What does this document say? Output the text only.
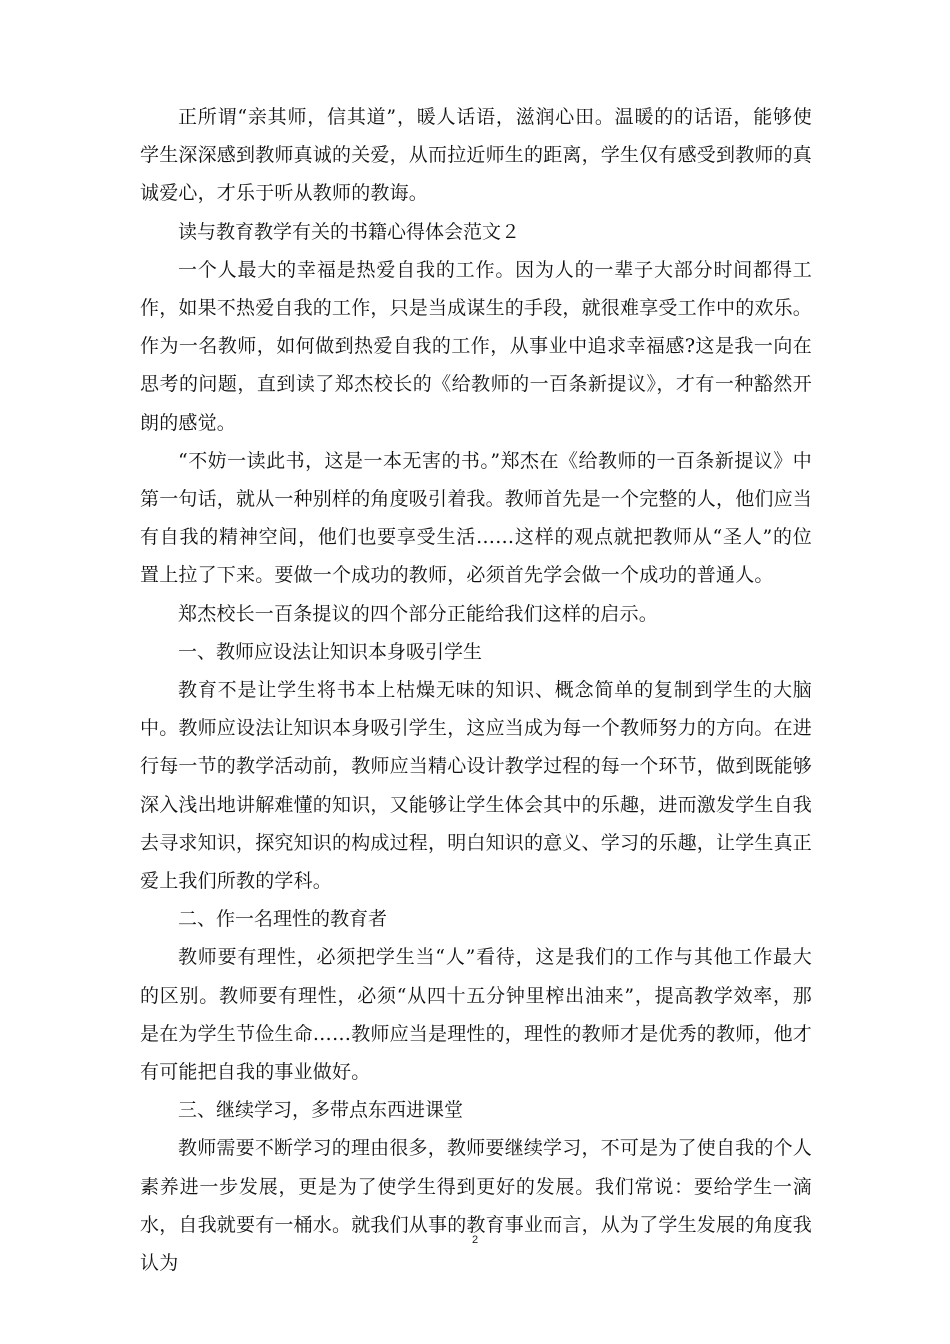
正所谓“亲其师，信其道”，暖人话语，滋润心田。温暖的的话语，能够使学生深深感到教师真诚的关爱，从而拉近师生的距离，学生仅有感受到教师的真诚爱心，才乐于听从教师的教诲。

读与教育教学有关的书籍心得体会范文２

一个人最大的幸福是热爱自我的工作。因为人的一辈子大部分时间都得工作，如果不热爱自我的工作，只是当成谋生的手段，就很难享受工作中的欢乐。作为一名教师，如何做到热爱自我的工作，从事业中追求幸福感?这是我一向在思考的问题，直到读了郑杰校长的《给教师的一百条新提议》，才有一种豁然开朗的感觉。

“不妨一读此书，这是一本无害的书。”郑杰在《给教师的一百条新提议》中第一句话，就从一种别样的角度吸引着我。教师首先是一个完整的人，他们应当有自我的精神空间，他们也要享受生活……这样的观点就把教师从“圣人”的位置上拉了下来。要做一个成功的教师，必须首先学会做一个成功的普通人。

郑杰校长一百条提议的四个部分正能给我们这样的启示。

一、教师应设法让知识本身吸引学生

教育不是让学生将书本上枯燥无味的知识、概念简单的复制到学生的大脑中。教师应设法让知识本身吸引学生，这应当成为每一个教师努力的方向。在进行每一节的教学活动前，教师应当精心设计教学过程的每一个环节，做到既能够深入浅出地讲解难懂的知识，又能够让学生体会其中的乐趣，进而激发学生自我去寻求知识，探究知识的构成过程，明白知识的意义、学习的乐趣，让学生真正爱上我们所教的学科。

二、作一名理性的教育者

教师要有理性，必须把学生当“人”看待，这是我们的工作与其他工作最大的区别。教师要有理性，必须“从四十五分钟里榨出油来”，提高教学效率，那是在为学生节俭生命……教师应当是理性的，理性的教师才是优秀的教师，他才有可能把自我的事业做好。

三、继续学习，多带点东西进课堂

教师需要不断学习的理由很多，教师要继续学习，不可是为了使自我的个人素养进一步发展，更是为了使学生得到更好的发展。我们常说：要给学生一滴水，自我就要有一桶水。就我们从事的教育事业而言，从为了学生发展的角度我认为

2
